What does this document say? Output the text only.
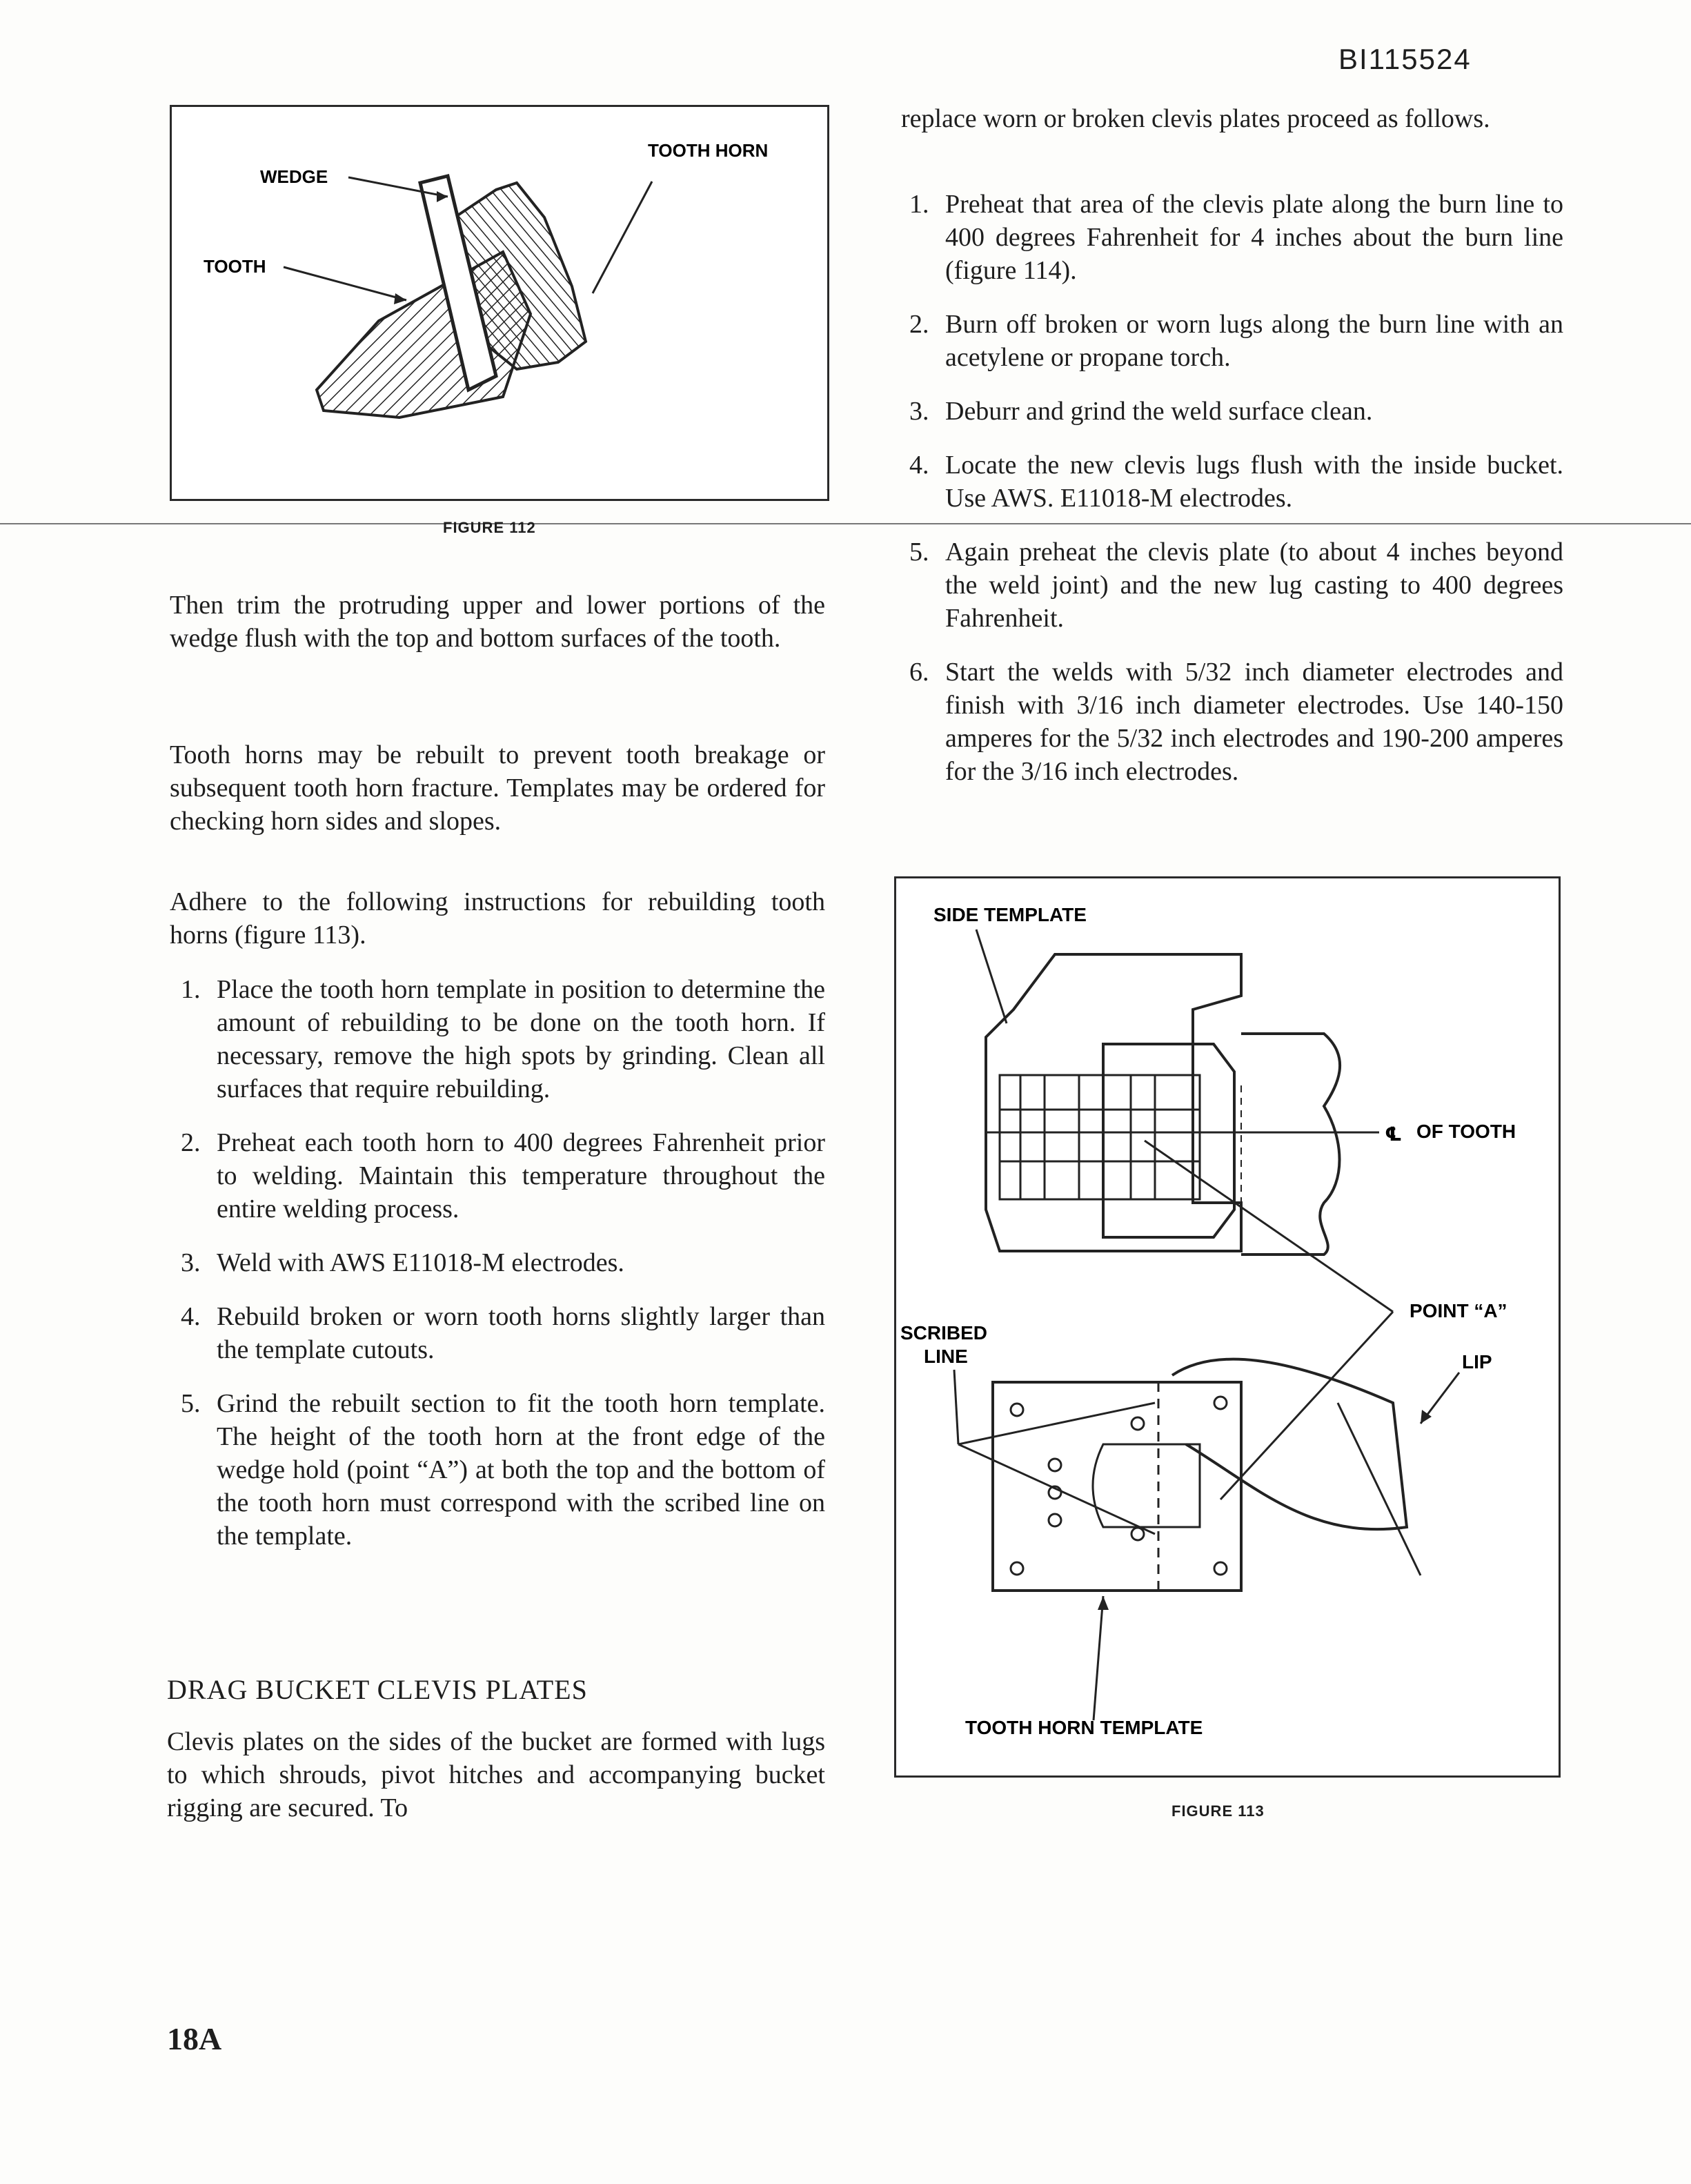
BI115524
WEDGE
TOOTH
TOOTH HORN
FIGURE 112
Then trim the protruding upper and lower portions of the wedge flush with the top and bottom surfaces of the tooth.
Tooth horns may be rebuilt to prevent tooth breakage or subsequent tooth horn fracture. Templates may be ordered for checking horn sides and slopes.
Adhere to the following instructions for rebuilding tooth horns (figure 113).
1. Place the tooth horn template in position to determine the amount of rebuilding to be done on the tooth horn. If necessary, remove the high spots by grinding. Clean all surfaces that require rebuilding.
2. Preheat each tooth horn to 400 degrees Fahrenheit prior to welding. Maintain this temperature throughout the entire welding process.
3. Weld with AWS E11018-M electrodes.
4. Rebuild broken or worn tooth horns slightly larger than the template cutouts.
5. Grind the rebuilt section to fit the tooth horn template. The height of the tooth horn at the front edge of the wedge hold (point “A”) at both the top and the bottom of the tooth horn must correspond with the scribed line on the template.
DRAG BUCKET CLEVIS PLATES
Clevis plates on the sides of the bucket are formed with lugs to which shrouds, pivot hitches and accompanying bucket rigging are secured. To
18A
replace worn or broken clevis plates proceed as follows.
1. Preheat that area of the clevis plate along the burn line to 400 degrees Fahrenheit for 4 inches about the burn line (figure 114).
2. Burn off broken or worn lugs along the burn line with an acetylene or propane torch.
3. Deburr and grind the weld surface clean.
4. Locate the new clevis lugs flush with the inside bucket. Use AWS. E11018-M electrodes.
5. Again preheat the clevis plate (to about 4 inches beyond the weld joint) and the new lug casting to 400 degrees Fahrenheit.
6. Start the welds with 5/32 inch diameter electrodes and finish with 3/16 inch diameter electrodes. Use 140-150 amperes for the 5/32 inch electrodes and 190-200 amperes for the 3/16 inch electrodes.
SIDE TEMPLATE
℄ OF TOOTH
POINT “A”
SCRIBED
LINE	LIP
TOOTH HORN TEMPLATE
FIGURE 113
